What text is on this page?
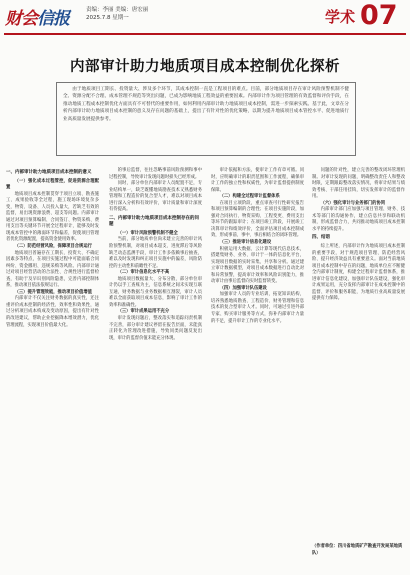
财会信报	责编：李丽 美编：唐宏丽
2025.7.8 星期一	学术 07
内部审计助力地质项目成本控制优化探析

由于地质项目工期长、投资量大、涉及多个环节，其成本控制一直是工程项目的难点。目前，部分地质项目存在审计风险预警机制不健全、资源分配不合理、成本管理不规范等突出问题，已成为影响地质工程效益的重要因素。内部审计作为项目管理的有效监督和评价手段，在推动地质工程成本控制优化方面具有不可替代的重要作用，如何利用内部审计助力地质项目成本控制，需进一步探索实践。基于此，文章在分析内部审计助力地质项目成本控制的意义及存在问题的基础上，提出了有针对性的优化策略，以期为提升地质项目成本管控水平、促进地质行业高质量发展提供参考。

一、内部审计助力地质项目成本控制的意义
（一）强化成本过程管控，促进资源合理配置
地质项目成本控制贯穿于项目立项、勘查施工、成果验收等全过程，施工现场环境复杂多变，物资、设备、人员投入量大，若缺乏有效的监督，易出现资源浪费、超支等问题。内部审计通过对项目预算编制、合同签订、物资采购、费用支出等关键环节开展全过程审计，能够及时发现成本管控中的薄弱环节和偏差，促使项目管理者优化资源配置，提高资金使用效率。
（二）防范经营风险，保障项目合规运行
地质项目普遍存在工期长、投资大、不确定因素多等特点，在项目实施过程中可能面临合同纠纷、资金挪用、违规采购等风险。内部审计通过对项目经营活动的合法性、合规性进行监督检查，有助于及早识别风险隐患，完善内部控制体系，推动项目依法依规运行。
（三）提升管理效能，推动项目价值增值
内部审计不仅关注财务数据的真实性，还注重评价成本控制的经济性、效率性和效果性，通过分析项目成本构成及变动原因，提出有针对性的改进建议，帮助企业挖掘降本增效潜力，优化管理流程，实现项目价值最大化。
的事后监督，往往忽略事前风险预测和事中过程控制，导致审计发现问题时损失已经形成。
同时，部分单位内部审计人员配置不足，专业结构单一，缺乏既懂地质勘查技术又熟悉财务管理和工程造价的复合型人才，难以对项目成本进行深入分析和有效评价，审计质量和审计深度有待提高。
二、内部审计助力地质项目成本控制存在的问题
（一）审计风险预警机制不健全
当前，部分地质单位尚未建立完善的审计风险预警机制，对项目成本超支、进度滞后等风险缺乏动态监测手段，审计工作多依赖事后抽查，难以及时发现和纠正项目实施中的偏差，风险防控的主动性和前瞻性不足。
（二）审计信息化水平不高
地质项目数据量大、分布分散，部分单位审计仍以手工查账为主，信息系统之间未实现互联互通，财务数据与业务数据相互割裂，审计人员难以全面获取项目成本信息，影响了审计工作的效率和准确性。
（三）审计成果运用不充分
审计发现问题后，整改落实和追踪问责机制不完善，部分审计建议停留在报告层面，未能真正转化为管理改进措施，导致同类问题反复出现，审计的监督价值未能充分体现。
审计依据和方法，使审计工作有章可循。同时，应明确审计的职责范围和工作流程，确保审计工作的独立性和权威性，为审计监督提供制度保障。
（二）构建全过程审计监督体系
在项目立项阶段，重点审查可行性研究报告和项目预算编制的合理性；在项目实施阶段，加强对合同执行、物资采购、工程变更、费用支出等环节的跟踪审计；在项目竣工阶段，开展竣工决算审计和绩效评价，全面评估项目成本控制成效，形成事前、事中、事后相结合的闭环管理。
（三）推进审计信息化建设
积极运用大数据、云计算等现代信息技术，搭建集财务、业务、审计于一体的信息化平台，实现项目数据的实时采集、共享和分析。通过建立审计数据模型，对项目成本数据进行自动比对和异常预警，提高审计效率和风险识别能力，推动审计由事后监督向实时监督转变。
（四）加强审计队伍建设
加强审计人员的专业培训，拓宽知识结构，培养熟悉地质勘查、工程造价、财务管理和信息技术的复合型审计人才。同时，可通过引进外部专家、购买审计服务等方式，弥补内部审计力量的不足，提升审计工作的专业化水平。
问题的针对性，建立完善的整改闭环管理机制。对审计发现的问题，明确整改责任人和整改时限，定期跟踪整改落实情况，将审计结果与绩效考核、干部任用挂钩，切实发挥审计的监督作用。
（六）强化审计与业务部门的协同
内部审计部门应加强与项目管理、财务、技术等部门的沟通协作，建立信息共享和联动机制，形成监督合力，共同推动地质项目成本控制水平的持续提升。
四、结语
综上所述，内部审计作为地质项目成本控制的重要手段，对于规范项目管理、防范经营风险、提升经济效益具有重要意义。面对当前地质项目成本控制中存在的问题，地质单位应不断健全内部审计制度，构建全过程审计监督体系，推进审计信息化建设，加强审计队伍建设，强化审计成果运用，充分发挥内部审计在成本控制中的监督、评价和服务职能，为地质行业高质量发展提供有力保障。
（作者单位：四川省地质矿产勘查开发局某地质队）
